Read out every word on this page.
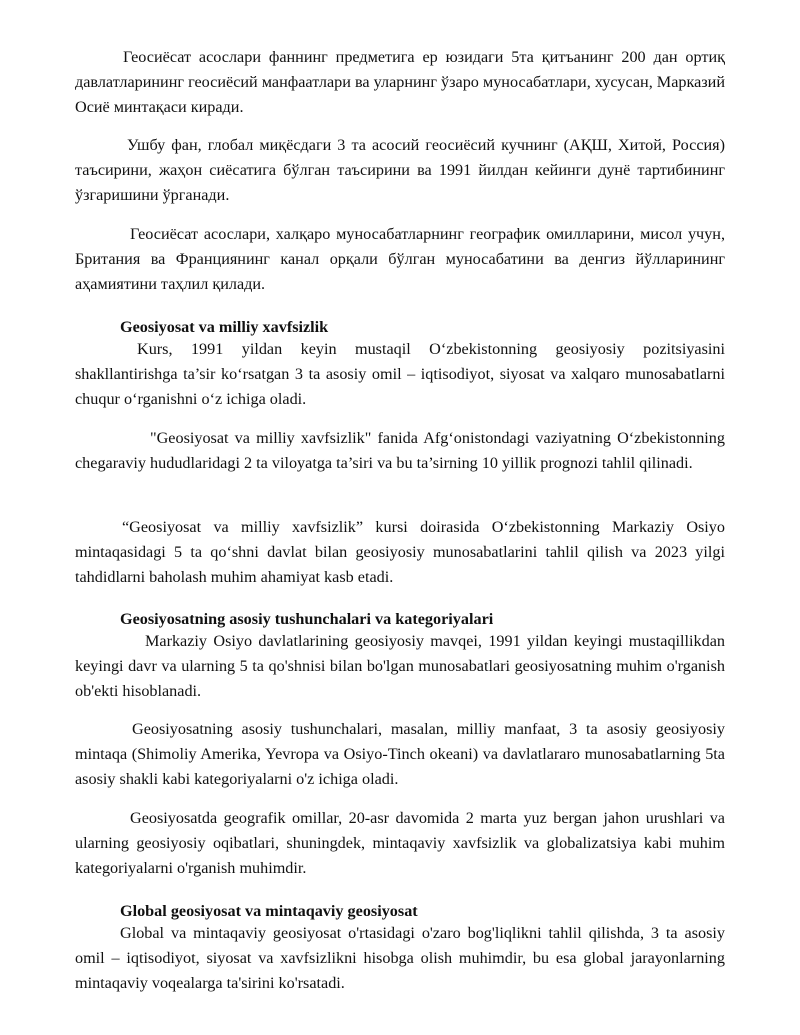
Геосиёсат асослари фаннинг предметига ер юзидаги 5та қитъанинг 200 дан ортиқ давлатларининг геосиёсий манфаатлари ва уларнинг ўзаро муносабатлари, хусусан, Марказий Осиё минтақаси киради.

Ушбу фан, глобал миқёсдаги 3 та асосий геосиёсий кучнинг (АҚШ, Хитой, Россия) таъсирини, жаҳон сиёсатига бўлган таъсирини ва 1991 йилдан кейинги дунё тартибининг ўзгаришини ўрганади.

Геосиёсат асослари, халқаро муносабатларнинг географик омилларини, мисол учун, Британия ва Франциянинг канал орқали бўлган муносабатини ва денгиз йўлларининг аҳамиятини таҳлил қилади.

Geosiyosat va milliy xavfsizlik

Kurs, 1991 yildan keyin mustaqil O‘zbekistonning geosiyosiy pozitsiyasini shakllantirishga ta’sir ko‘rsatgan 3 ta asosiy omil – iqtisodiyot, siyosat va xalqaro munosabatlarni chuqur o‘rganishni o‘z ichiga oladi.

"Geosiyosat va milliy xavfsizlik" fanida Afg‘onistondagi vaziyatning O‘zbekistonning chegaraviy hududlaridagi 2 ta viloyatga ta’siri va bu ta’sirning 10 yillik prognozi tahlil qilinadi.

“Geosiyosat va milliy xavfsizlik” kursi doirasida O‘zbekistonning Markaziy Osiyo mintaqasidagi 5 ta qo‘shni davlat bilan geosiyosiy munosabatlarini tahlil qilish va 2023 yilgi tahdidlarni baholash muhim ahamiyat kasb etadi.

Geosiyosatning asosiy tushunchalari va kategoriyalari

Markaziy Osiyo davlatlarining geosiyosiy mavqei, 1991 yildan keyingi mustaqillikdan keyingi davr va ularning 5 ta qo'shnisi bilan bo'lgan munosabatlari geosiyosatning muhim o'rganish ob'ekti hisoblanadi.

Geosiyosatning asosiy tushunchalari, masalan, milliy manfaat, 3 ta asosiy geosiyosiy mintaqa (Shimoliy Amerika, Yevropa va Osiyo-Tinch okeani) va davlatlararo munosabatlarning 5ta asosiy shakli kabi kategoriyalarni o'z ichiga oladi.

Geosiyosatda geografik omillar, 20-asr davomida 2 marta yuz bergan jahon urushlari va ularning geosiyosiy oqibatlari, shuningdek, mintaqaviy xavfsizlik va globalizatsiya kabi muhim kategoriyalarni o'rganish muhimdir.

Global geosiyosat va mintaqaviy geosiyosat

Global va mintaqaviy geosiyosat o'rtasidagi o'zaro bog'liqlikni tahlil qilishda, 3 ta asosiy omil – iqtisodiyot, siyosat va xavfsizlikni hisobga olish muhimdir, bu esa global jarayonlarning mintaqaviy voqealarga ta'sirini ko'rsatadi.
